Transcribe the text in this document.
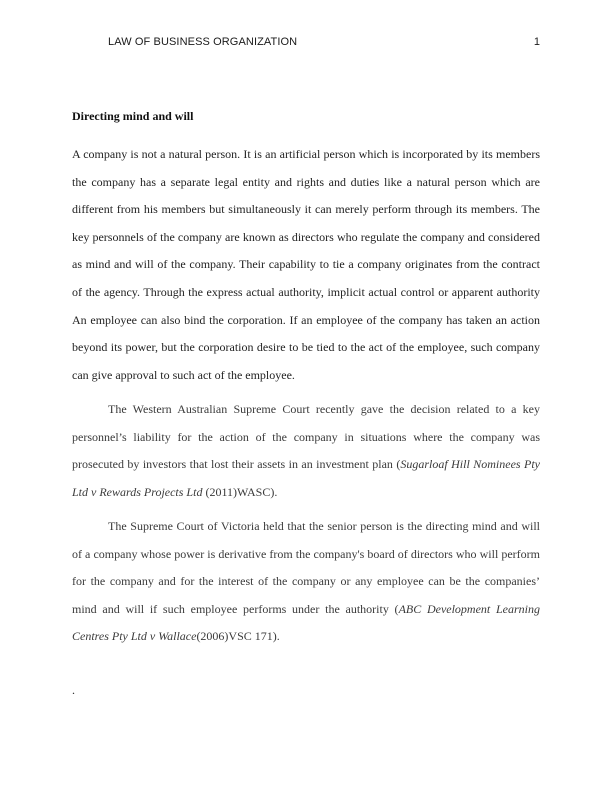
LAW OF BUSINESS ORGANIZATION	1
Directing mind and will

A company is not a natural person. It is an artificial person which is incorporated by its members
the company has a separate legal entity and rights and duties like a natural person which are
different from his members but simultaneously it can merely perform through its members. The
key personnels of the company are known as directors who regulate the company and considered
as mind and will of the company. Their capability to tie a company originates from the contract
of the agency. Through the express actual authority, implicit actual control or apparent authority
An employee can also bind the corporation. If an employee of the company has taken an action
beyond its power, but the corporation desire to be tied to the act of the employee, such company
can give approval to such act of the employee.

The Western Australian Supreme Court recently gave the decision related to a key
personnel’s liability for the action of the company in situations where the company was
prosecuted by investors that lost their assets in an investment plan (Sugarloaf Hill Nominees Pty
Ltd v Rewards Projects Ltd (2011)WASC).

The Supreme Court of Victoria held that the senior person is the directing mind and will
of a company whose power is derivative from the company's board of directors who will perform
for the company and for the interest of the company or any employee can be the companies’
mind and will if such employee performs under the authority (ABC Development Learning
Centres Pty Ltd v Wallace(2006)VSC 171).

.
